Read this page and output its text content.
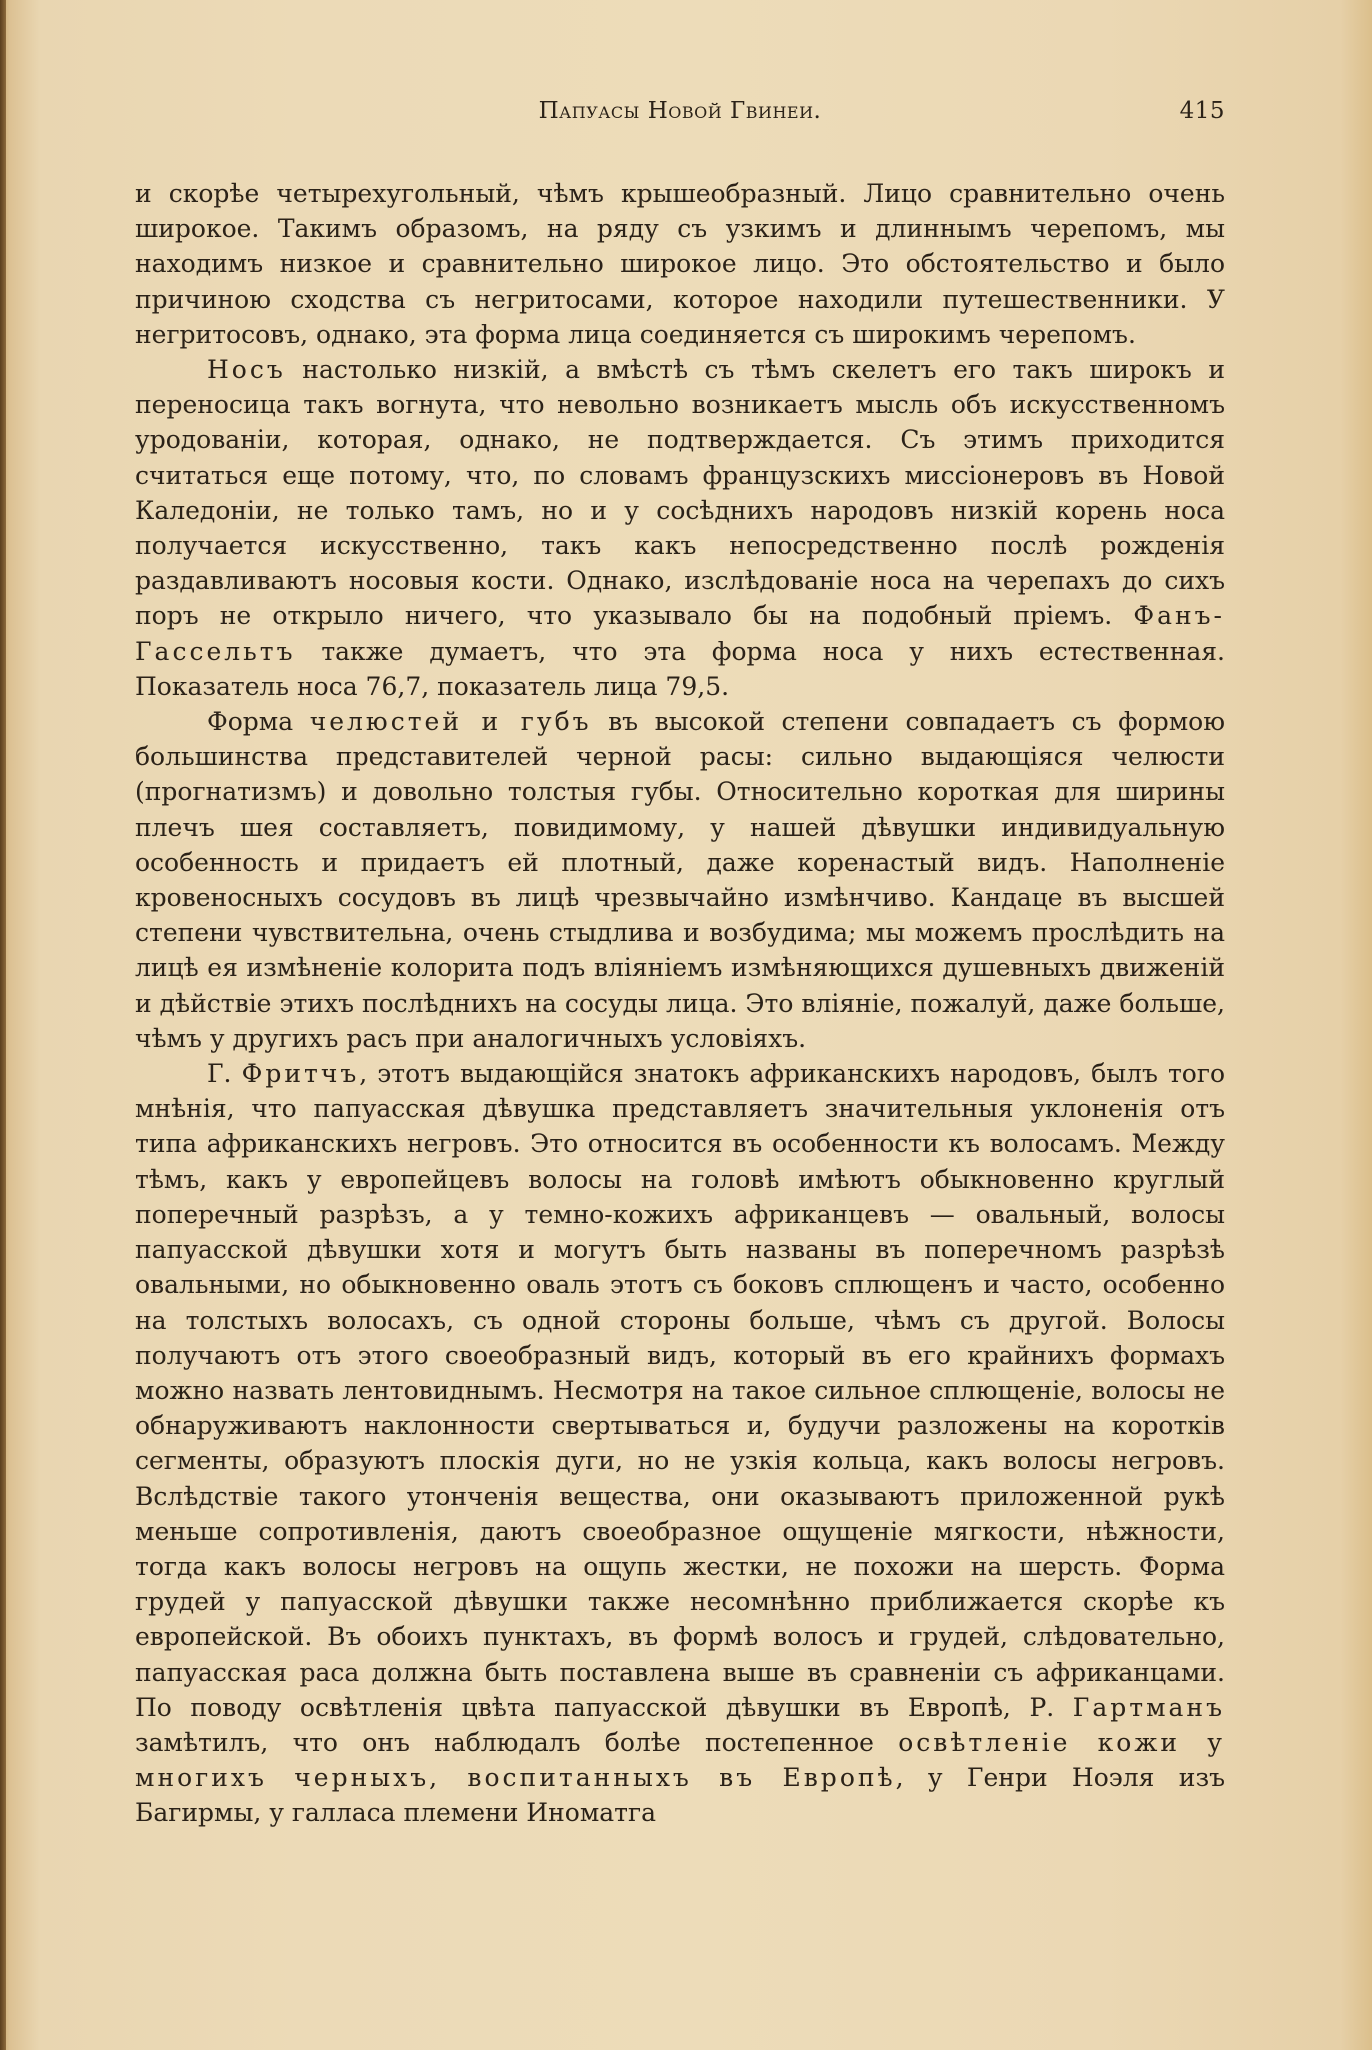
Папуасы Новой Гвинеи.	415

и скорѣе четырехугольный, чѣмъ крышеобразный. Лицо сравнительно очень широкое. Такимъ образомъ, на ряду съ узкимъ и длиннымъ черепомъ, мы находимъ низкое и сравнительно широкое лицо. Это обстоятельство и было причиною сходства съ негритосами, которое находили путешественники. У негритосовъ, однако, эта форма лица соединяется съ широкимъ черепомъ.

Носъ настолько низкій, а вмѣстѣ съ тѣмъ скелетъ его такъ широкъ и переносица такъ вогнута, что невольно возникаетъ мысль объ искусственномъ уродованіи, которая, однако, не подтверждается. Съ этимъ приходится считаться еще потому, что, по словамъ французскихъ миссіонеровъ въ Новой Каледоніи, не только тамъ, но и у сосѣднихъ народовъ низкій корень носа получается искусственно, такъ какъ непосредственно послѣ рожденія раздавливаютъ носовыя кости. Однако, изслѣдованіе носа на черепахъ до сихъ поръ не открыло ничего, что указывало бы на подобный пріемъ. Фанъ-Гассельтъ также думаетъ, что эта форма носа у нихъ естественная. Показатель носа 76,7, показатель лица 79,5.

Форма челюстей и губъ въ высокой степени совпадаетъ съ формою большинства представителей черной расы: сильно выдающіяся челюсти (прогнатизмъ) и довольно толстыя губы. Относительно короткая для ширины плечъ шея составляетъ, повидимому, у нашей дѣвушки индивидуальную особенность и придаетъ ей плотный, даже коренастый видъ. Наполненіе кровеносныхъ сосудовъ въ лицѣ чрезвычайно измѣнчиво. Кандаце въ высшей степени чувствительна, очень стыдлива и возбудима; мы можемъ прослѣдить на лицѣ ея измѣненіе колорита подъ вліяніемъ измѣняющихся душевныхъ движеній и дѣйствіе этихъ послѣднихъ на сосуды лица. Это вліяніе, пожалуй, даже больше, чѣмъ у другихъ расъ при аналогичныхъ условіяхъ.

Г. Фритчъ, этотъ выдающійся знатокъ африканскихъ народовъ, былъ того мнѣнія, что папуасская дѣвушка представляетъ значительныя уклоненія отъ типа африканскихъ негровъ. Это относится въ особенности къ волосамъ. Между тѣмъ, какъ у европейцевъ волосы на головѣ имѣютъ обыкновенно круглый поперечный разрѣзъ, а у темно-кожихъ африканцевъ — овальный, волосы папуасской дѣвушки хотя и могутъ быть названы въ поперечномъ разрѣзѣ овальными, но обыкновенно оваль этотъ съ боковъ сплющенъ и часто, особенно на толстыхъ волосахъ, съ одной стороны больше, чѣмъ съ другой. Волосы получаютъ отъ этого своеобразный видъ, который въ его крайнихъ формахъ можно назвать лентовиднымъ. Несмотря на такое сильное сплющеніе, волосы не обнаруживаютъ наклонности свертываться и, будучи разложены на коротків сегменты, образуютъ плоскія дуги, но не узкія кольца, какъ волосы негровъ. Вслѣдствіе такого утонченія вещества, они оказываютъ приложенной рукѣ меньше сопротивленія, даютъ своеобразное ощущеніе мягкости, нѣжности, тогда какъ волосы негровъ на ощупь жестки, не похожи на шерсть. Форма грудей у папуасской дѣвушки также несомнѣнно приближается скорѣе къ европейской. Въ обоихъ пунктахъ, въ формѣ волосъ и грудей, слѣдовательно, папуасская раса должна быть поставлена выше въ сравненіи съ африканцами. По поводу освѣтленія цвѣта папуасской дѣвушки въ Европѣ, Р. Гартманъ замѣтилъ, что онъ наблюдалъ болѣе постепенное освѣтленіе кожи у многихъ черныхъ, воспитанныхъ въ Европѣ, у Генри Ноэля изъ Багирмы, у галласа племени Иноматга
